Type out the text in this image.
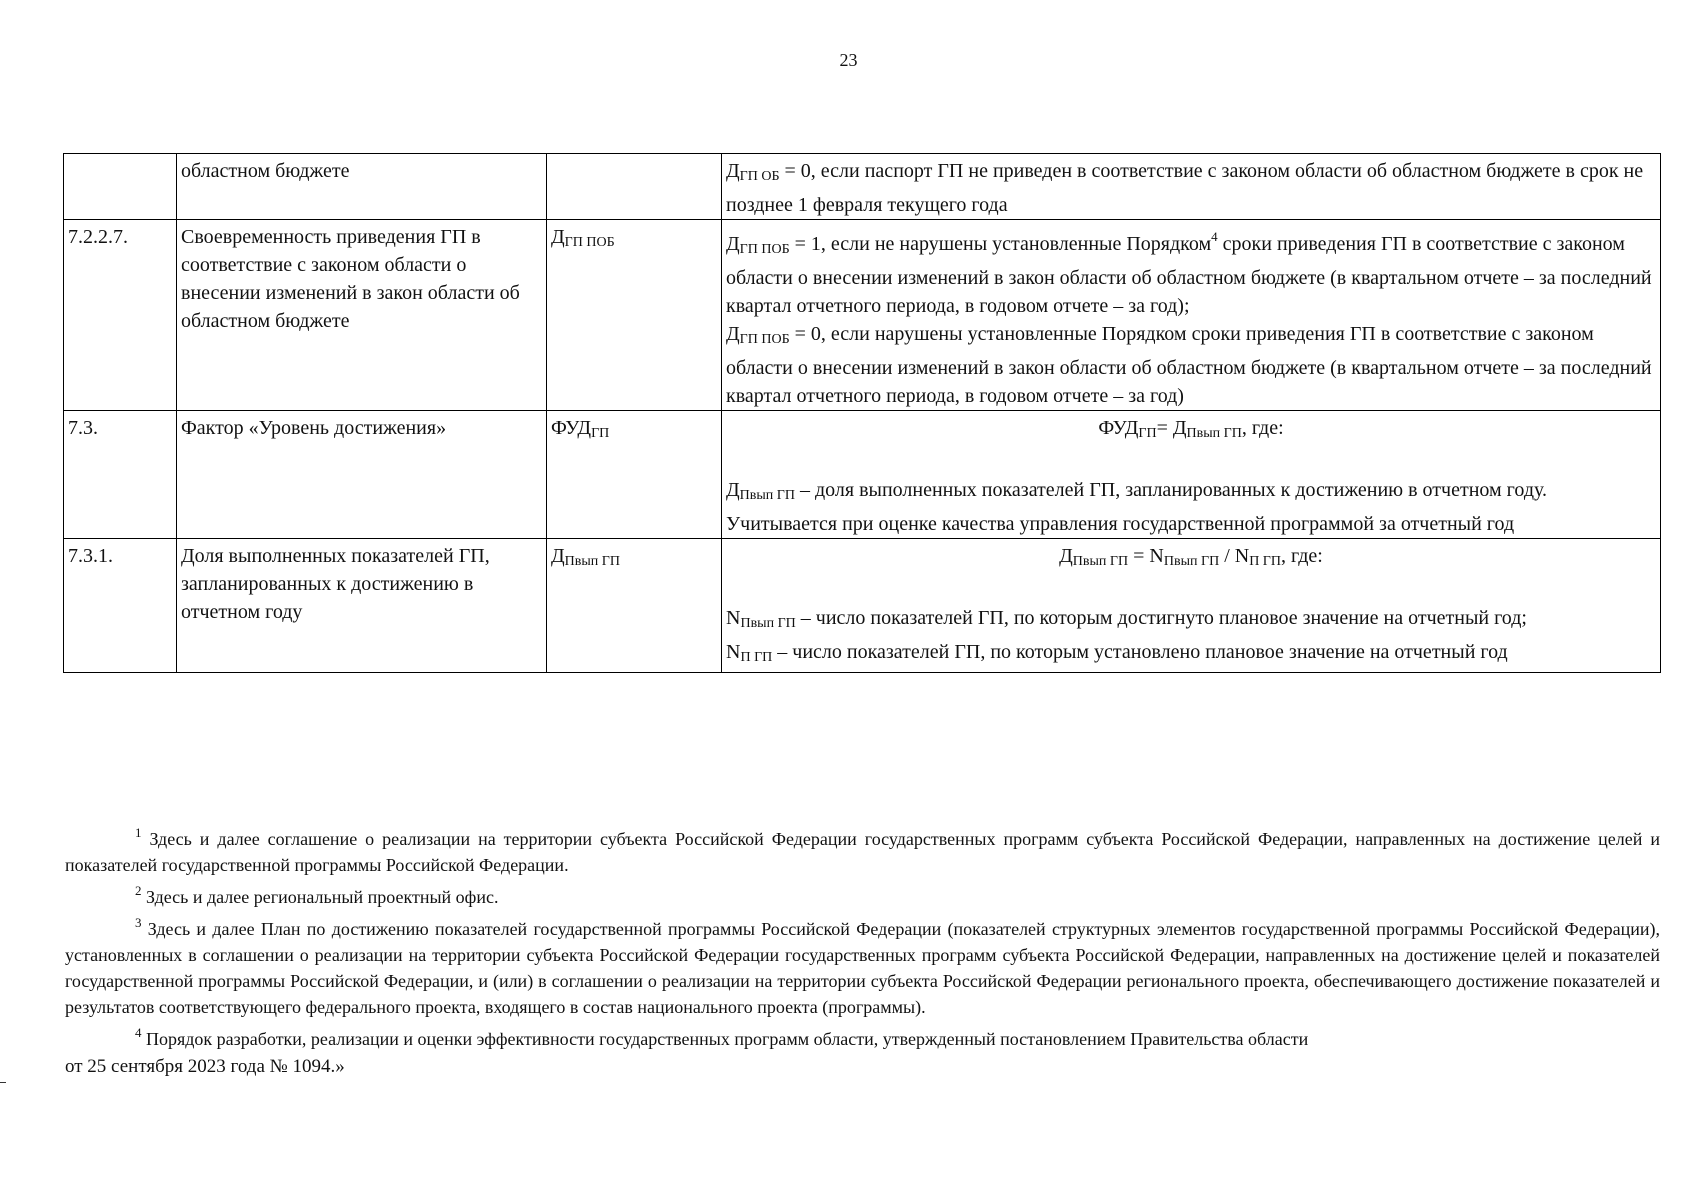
23
	областном бюджете		$Д_{ГП ОБ} = 0$, если паспорт ГП не приведен в соответствие с законом области об областном бюджете в срок не позднее 1 февраля текущего года
7.2.2.7.	Своевременность приведения ГП в соответствие с законом области о внесении изменений в закон области об областном бюджете	$Д_{ГП ПОБ}$	$Д_{ГП ПОБ} = 1$, если не нарушены установленные Порядком$^4$ сроки приведения ГП в соответствие с законом области о внесении изменений в закон области об областном бюджете (в квартальном отчете – за последний квартал отчетного периода, в годовом отчете – за год);
$Д_{ГП ПОБ} = 0$, если нарушены установленные Порядком сроки приведения ГП в соответствие с законом области о внесении изменений в закон области об областном бюджете (в квартальном отчете – за последний квартал отчетного периода, в годовом отчете – за год)

7.3.	Фактор «Уровень достижения»	$ФУД_{ГП}$	$ФУД_{ГП}= Д_{Пвып ГП}$, где:
$Д_{Пвып ГП}$ – доля выполненных показателей ГП, запланированных к достижению в отчетном году.
Учитывается при оценке качества управления государственной программой за отчетный год

7.3.1.	Доля выполненных показателей ГП, запланированных к достижению в отчетном году	$Д_{Пвып ГП}$	$Д_{Пвып ГП} = N_{Пвып ГП} / N_{П ГП}$, где:
$N_{Пвып ГП}$ – число показателей ГП, по которым достигнуто плановое значение на отчетный год;
$N_{П ГП}$ – число показателей ГП, по которым установлено плановое значение на отчетный год

$^1$ Здесь и далее соглашение о реализации на территории субъекта Российской Федерации государственных программ субъекта Российской Федерации, направленных на достижение целей и показателей государственной программы Российской Федерации.

$^2$ Здесь и далее региональный проектный офис.

$^3$ Здесь и далее План по достижению показателей государственной программы Российской Федерации (показателей структурных элементов государственной программы Российской Федерации), установленных в соглашении о реализации на территории субъекта Российской Федерации государственных программ субъекта Российской Федерации, направленных на достижение целей и показателей государственной программы Российской Федерации, и (или) в соглашении о реализации на территории субъекта Российской Федерации регионального проекта, обеспечивающего достижение показателей и результатов соответствующего федерального проекта, входящего в состав национального проекта (программы).

$^4$ Порядок разработки, реализации и оценки эффективности государственных программ области, утвержденный постановлением Правительства области

от 25 сентября 2023 года № 1094.»
